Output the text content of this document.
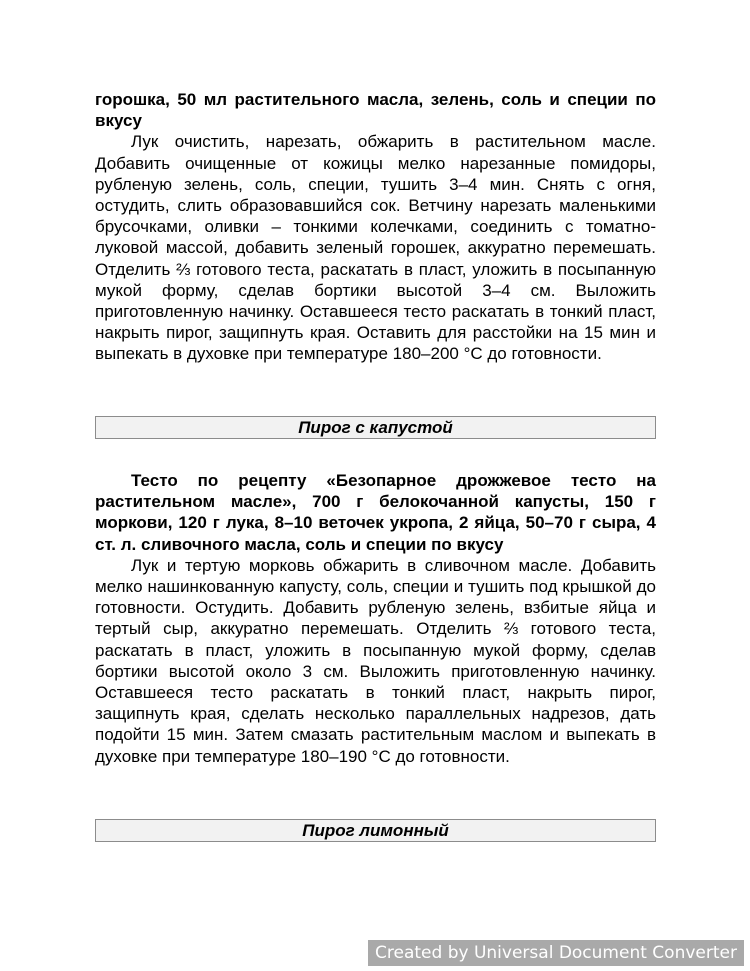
горошка, 50 мл растительного масла, зелень, соль и специи по вкусу

Лук очистить, нарезать, обжарить в растительном масле. Добавить очищенные от кожицы мелко нарезанные помидоры, рубленую зелень, соль, специи, тушить 3–4 мин. Снять с огня, остудить, слить образовавшийся сок. Ветчину нарезать маленькими брусочками, оливки – тонкими колечками, соединить с томатно-луковой массой, добавить зеленый горошек, аккуратно перемешать. Отделить ⅔ готового теста, раскатать в пласт, уложить в посыпанную мукой форму, сделав бортики высотой 3–4 см. Выложить приготовленную начинку. Оставшееся тесто раскатать в тонкий пласт, накрыть пирог, защипнуть края. Оставить для расстойки на 15 мин и выпекать в духовке при температуре 180–200 °С до готовности.

Пирог с капустой

Тесто по рецепту «Безопарное дрожжевое тесто на растительном масле», 700 г белокочанной капусты, 150 г моркови, 120 г лука, 8–10 веточек укропа, 2 яйца, 50–70 г сыра, 4 ст. л. сливочного масла, соль и специи по вкусу

Лук и тертую морковь обжарить в сливочном масле. Добавить мелко нашинкованную капусту, соль, специи и тушить под крышкой до готовности. Остудить. Добавить рубленую зелень, взбитые яйца и тертый сыр, аккуратно перемешать. Отделить ⅔ готового теста, раскатать в пласт, уложить в посыпанную мукой форму, сделав бортики высотой около 3 см. Выложить приготовленную начинку. Оставшееся тесто раскатать в тонкий пласт, накрыть пирог, защипнуть края, сделать несколько параллельных надрезов, дать подойти 15 мин. Затем смазать растительным маслом и выпекать в духовке при температуре 180–190 °С до готовности.

Пирог лимонный
Created by Universal Document Converter
